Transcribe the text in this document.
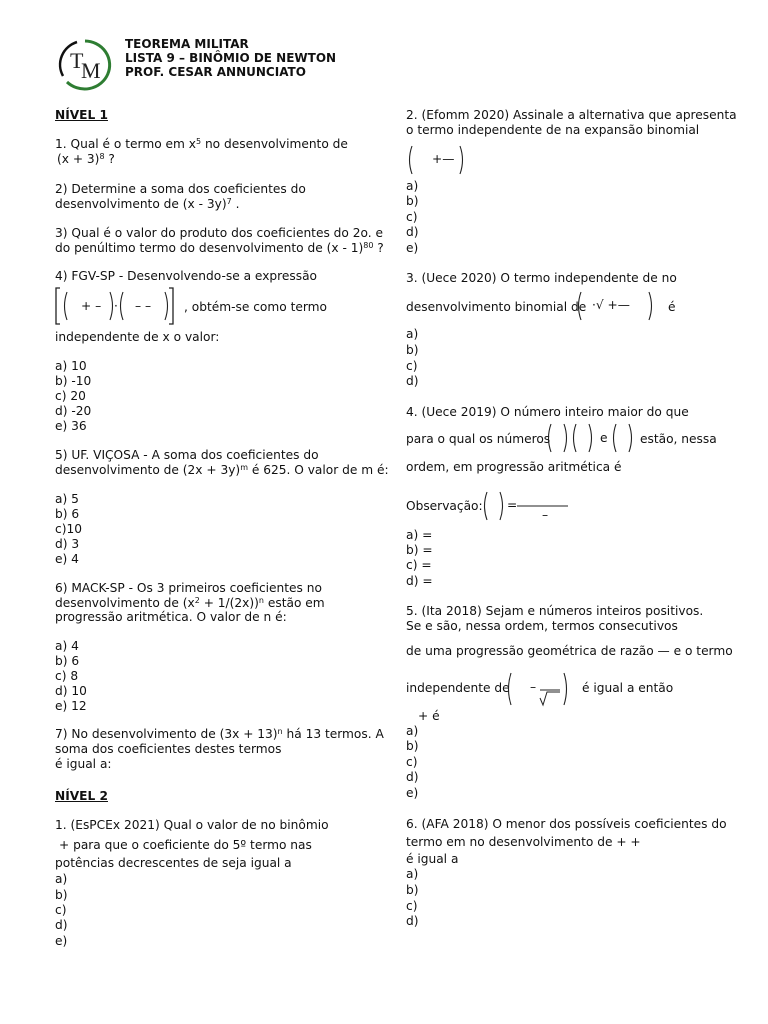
T
M
TEOREMA MILITAR
LISTA 9 – BINÔMIO DE NEWTON
PROF. CESAR ANNUNCIATO
NÍVEL 1
1. Qual é o termo em $x^5$ no desenvolvimento de
$(x + 3)^8$ ?
2) Determine a soma dos coeficientes do
desenvolvimento de (x - 3y)$^7$ .
3) Qual é o valor do produto dos coeficientes do 2o. e
do penúltimo termo do desenvolvimento de (x - 1)$^{80}$ ?
4) FGV-SP - Desenvolvendo-se a expressão
+ – · – –	, obtém-se como termo
independente de x o valor:
a) 10
b) -10
c) 20
d) -20
e) 36
5) UF. VIÇOSA - A soma dos coeficientes do
desenvolvimento de $(2x + 3y)^m$ é 625. O valor de m é:
a) 5
b) 6
c)10
d) 3
e) 4
6) MACK-SP - Os 3 primeiros coeficientes no
desenvolvimento de $(x^2 + 1/(2x))^n$ estão em
progressão aritmética. O valor de n é:
a) 4
b) 6
c) 8
d) 10
e) 12
7) No desenvolvimento de $(3x + 13)^n$ há 13 termos. A
soma dos coeficientes destes termos
é igual a:
NÍVEL 2
1. (EsPCEx 2021) Qual o valor de no binômio
+ para que o coeficiente do 5º termo nas
potências decrescentes de seja igual a
a)
b)
c)
d)
e)
2. (Efomm 2020) Assinale a alternativa que apresenta
o termo independente de na expansão binomial
+—
a)
b)
c)
d)
e)
3. (Uece 2020) O termo independente de no
desenvolvimento binomial de ·√ +—	é
a)
b)
c)
d)
4. (Uece 2019) O número inteiro maior do que
para o qual os números	e	estão, nessa
ordem, em progressão aritmética é
Observação: =
–
a) =
b) =
c) =
d) =
5. (Ita 2018) Sejam e números inteiros positivos.
Se e são, nessa ordem, termos consecutivos
de uma progressão geométrica de razão — e o termo
independente de –	é igual a então
+ é
a)
b)
c)
d)
e)
6. (AFA 2018) O menor dos possíveis coeficientes do
termo em no desenvolvimento de + +
é igual a
a)
b)
c)
d)
